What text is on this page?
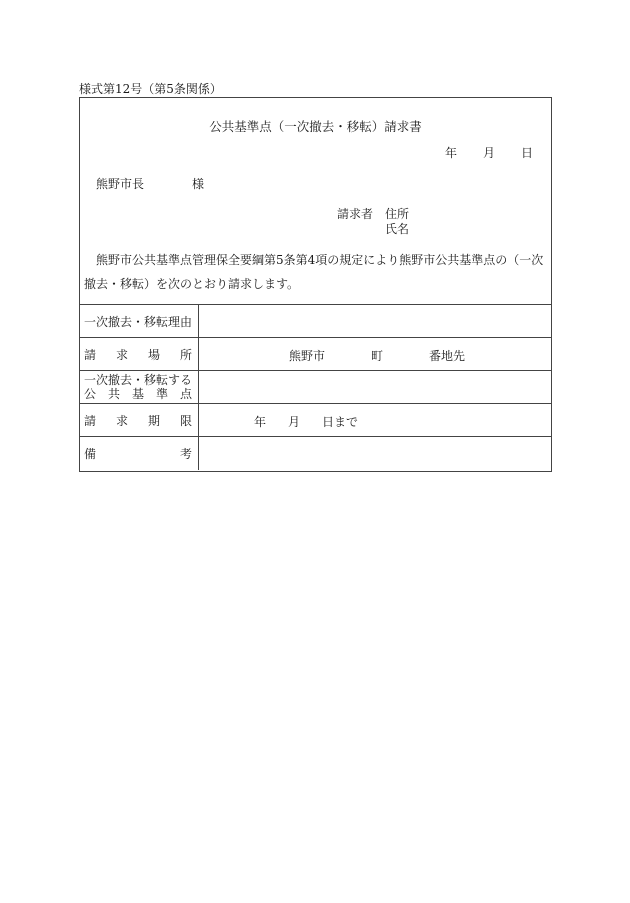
様式第12号（第5条関係）
公共基準点（一次撤去・移転）請求書
年 月 日
熊野市長	様
請求者 住所
氏名
熊野市公共基準点管理保全要綱第5条第4項の規定により熊野市公共基準点の（一次撤去・移転）を次のとおり請求します。
一次撤去・移転理由
請 求 場 所	熊野市	町	番地先
一次撤去・移転する
公 共 基 準 点
請 求 期 限	年 月 日まで
備	考
